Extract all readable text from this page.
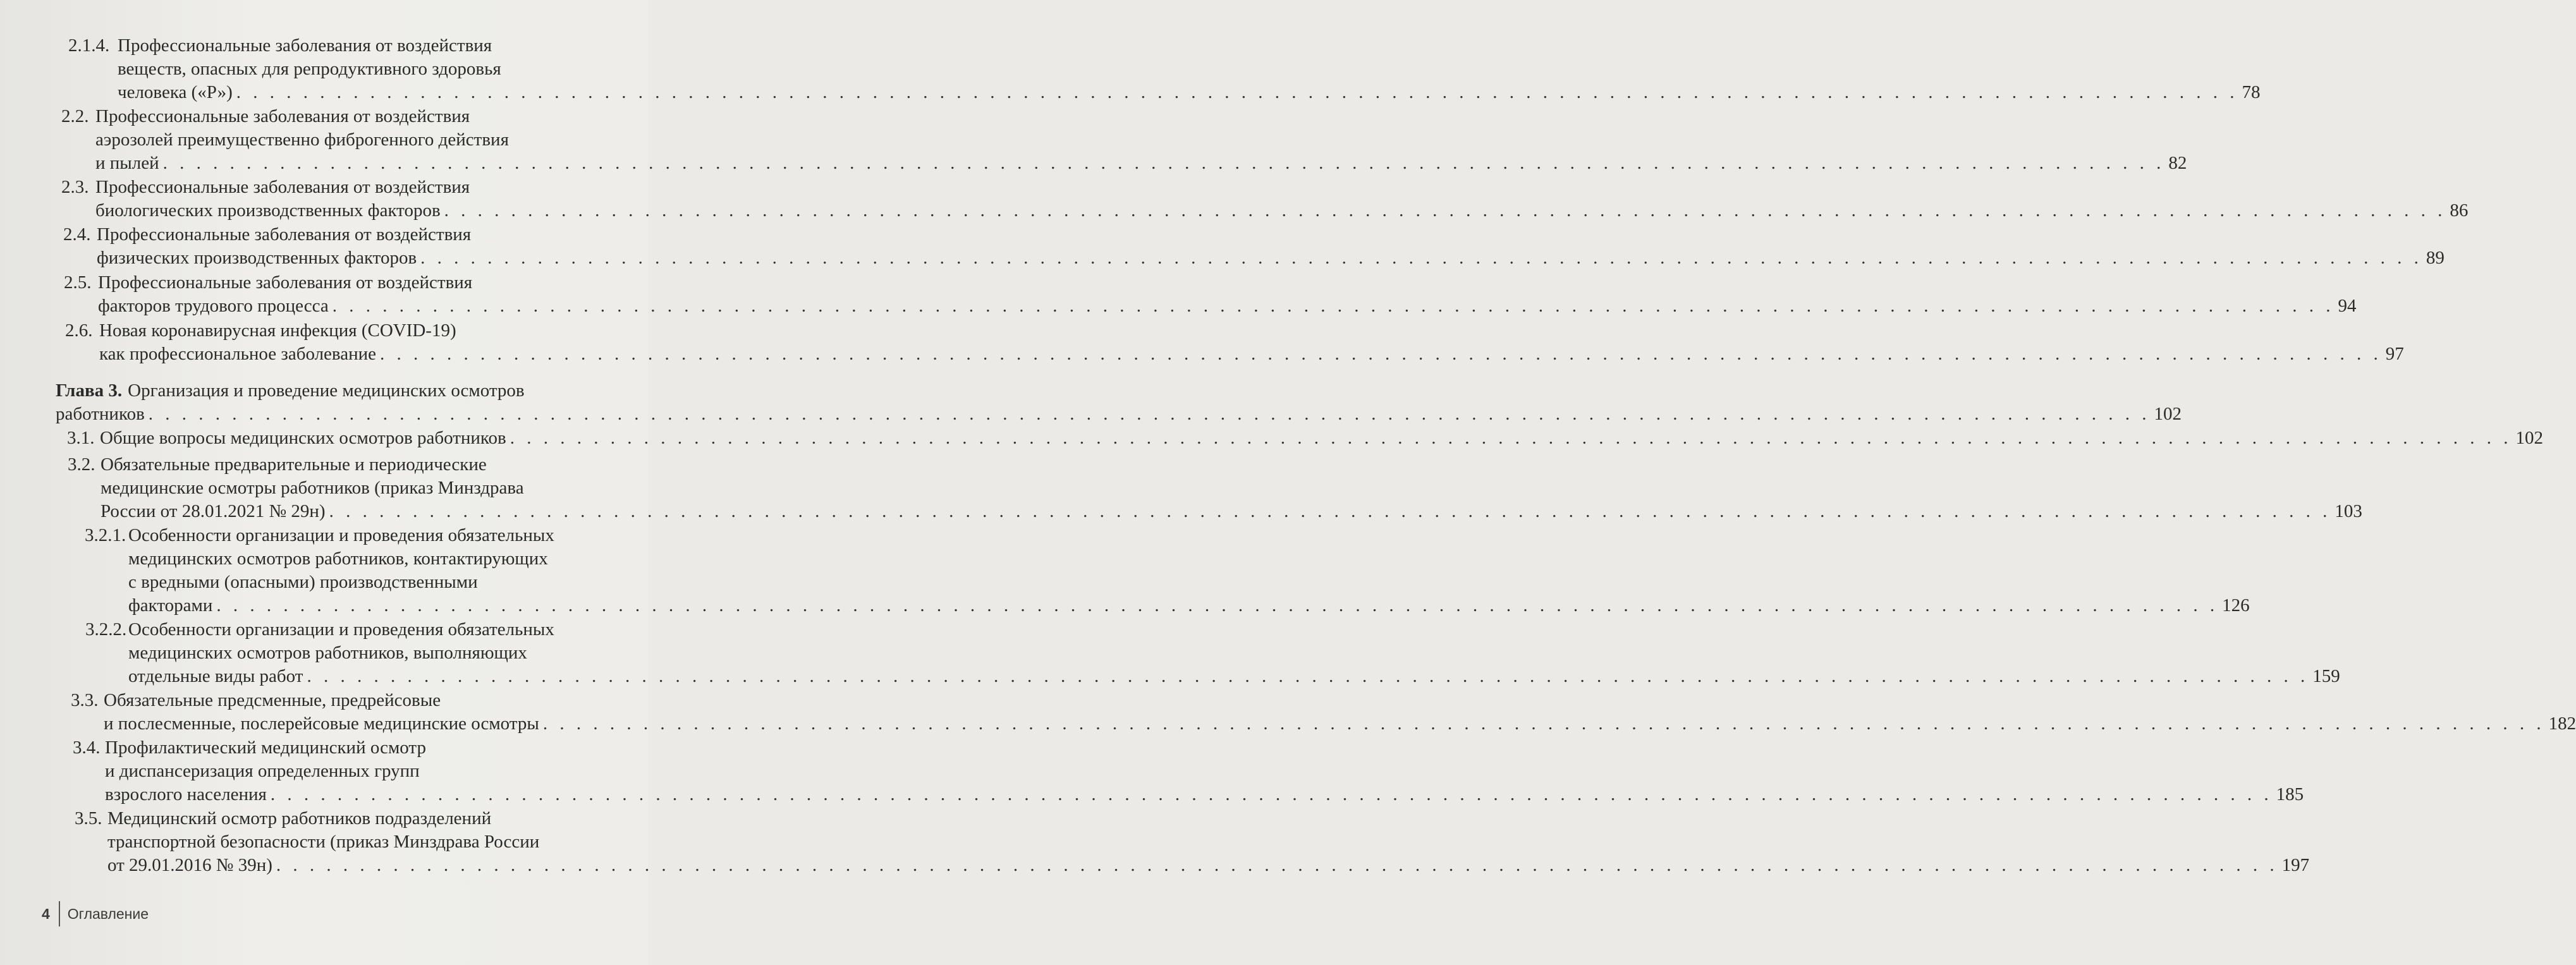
2.1.4. Профессиональные заболевания от воздействия
веществ, опасных для репродуктивного здоровья
человека («Р») . . . . . . . . . . . . . . . . . . . . . . . . . . . . . . . . . . . . . . . . . . . . . . . . . . . . . . . . . . . . . . . . . . . . . . . . . . . . . . . . . . . . . . . . . . . . . . . . . . . . . . . . . . . . . . . . . . . . . . . . 78
2.2. Профессиональные заболевания от воздействия
аэрозолей преимущественно фиброгенного действия
и пылей . . . . . . . . . . . . . . . . . . . . . . . . . . . . . . . . . . . . . . . . . . . . . . . . . . . . . . . . . . . . . . . . . . . . . . . . . . . . . . . . . . . . . . . . . . . . . . . . . . . . . . . . . . . . . . . . . . . . . . . . 82
2.3. Профессиональные заболевания от воздействия
биологических производственных факторов . . . . . . . . . . . . . . . . . . . . . . . . . . . . . . . . . . . . . . . . . . . . . . . . . . . . . . . . . . . . . . . . . . . . . . . . . . . . . . . . . . . . . . . . . . . . . . . . . . . . . . . . . . . . . . . . . . . . . . . . 86
2.4. Профессиональные заболевания от воздействия
физических производственных факторов . . . . . . . . . . . . . . . . . . . . . . . . . . . . . . . . . . . . . . . . . . . . . . . . . . . . . . . . . . . . . . . . . . . . . . . . . . . . . . . . . . . . . . . . . . . . . . . . . . . . . . . . . . . . . . . . . . . . . . . . 89
2.5. Профессиональные заболевания от воздействия
факторов трудового процесса . . . . . . . . . . . . . . . . . . . . . . . . . . . . . . . . . . . . . . . . . . . . . . . . . . . . . . . . . . . . . . . . . . . . . . . . . . . . . . . . . . . . . . . . . . . . . . . . . . . . . . . . . . . . . . . . . . . . . . . . 94
2.6. Новая коронавирусная инфекция (COVID-19)
как профессиональное заболевание . . . . . . . . . . . . . . . . . . . . . . . . . . . . . . . . . . . . . . . . . . . . . . . . . . . . . . . . . . . . . . . . . . . . . . . . . . . . . . . . . . . . . . . . . . . . . . . . . . . . . . . . . . . . . . . . . . . . . . . . 97
Глава 3. Организация и проведение медицинских осмотров
работников . . . . . . . . . . . . . . . . . . . . . . . . . . . . . . . . . . . . . . . . . . . . . . . . . . . . . . . . . . . . . . . . . . . . . . . . . . . . . . . . . . . . . . . . . . . . . . . . . . . . . . . . . . . . . . . . . . . . . . . . 102
3.1. Общие вопросы медицинских осмотров работников . . . . . . . . . . . . . . . . . . . . . . . . . . . . . . . . . . . . . . . . . . . . . . . . . . . . . . . . . . . . . . . . . . . . . . . . . . . . . . . . . . . . . . . . . . . . . . . . . . . . . . . . . . . . . . . . . . . . . . . . 102
3.2. Обязательные предварительные и периодические
медицинские осмотры работников (приказ Минздрава
России от 28.01.2021 № 29н) . . . . . . . . . . . . . . . . . . . . . . . . . . . . . . . . . . . . . . . . . . . . . . . . . . . . . . . . . . . . . . . . . . . . . . . . . . . . . . . . . . . . . . . . . . . . . . . . . . . . . . . . . . . . . . . . . . . . . . . . 103
3.2.1. Особенности организации и проведения обязательных
медицинских осмотров работников, контактирующих
с вредными (опасными) производственными
факторами . . . . . . . . . . . . . . . . . . . . . . . . . . . . . . . . . . . . . . . . . . . . . . . . . . . . . . . . . . . . . . . . . . . . . . . . . . . . . . . . . . . . . . . . . . . . . . . . . . . . . . . . . . . . . . . . . . . . . . . . 126
3.2.2. Особенности организации и проведения обязательных
медицинских осмотров работников, выполняющих
отдельные виды работ . . . . . . . . . . . . . . . . . . . . . . . . . . . . . . . . . . . . . . . . . . . . . . . . . . . . . . . . . . . . . . . . . . . . . . . . . . . . . . . . . . . . . . . . . . . . . . . . . . . . . . . . . . . . . . . . . . . . . . . . 159
3.3. Обязательные предсменные, предрейсовые
и послесменные, послерейсовые медицинские осмотры . . . . . . . . . . . . . . . . . . . . . . . . . . . . . . . . . . . . . . . . . . . . . . . . . . . . . . . . . . . . . . . . . . . . . . . . . . . . . . . . . . . . . . . . . . . . . . . . . . . . . . . . . . . . . . . . . . . . . . . . 182
3.4. Профилактический медицинский осмотр
и диспансеризация определенных групп
взрослого населения . . . . . . . . . . . . . . . . . . . . . . . . . . . . . . . . . . . . . . . . . . . . . . . . . . . . . . . . . . . . . . . . . . . . . . . . . . . . . . . . . . . . . . . . . . . . . . . . . . . . . . . . . . . . . . . . . . . . . . . . 185
3.5. Медицинский осмотр работников подразделений
транспортной безопасности (приказ Минздрава России
от 29.01.2016 № 39н) . . . . . . . . . . . . . . . . . . . . . . . . . . . . . . . . . . . . . . . . . . . . . . . . . . . . . . . . . . . . . . . . . . . . . . . . . . . . . . . . . . . . . . . . . . . . . . . . . . . . . . . . . . . . . . . . . . . . . . . . 197
4 Оглавление
